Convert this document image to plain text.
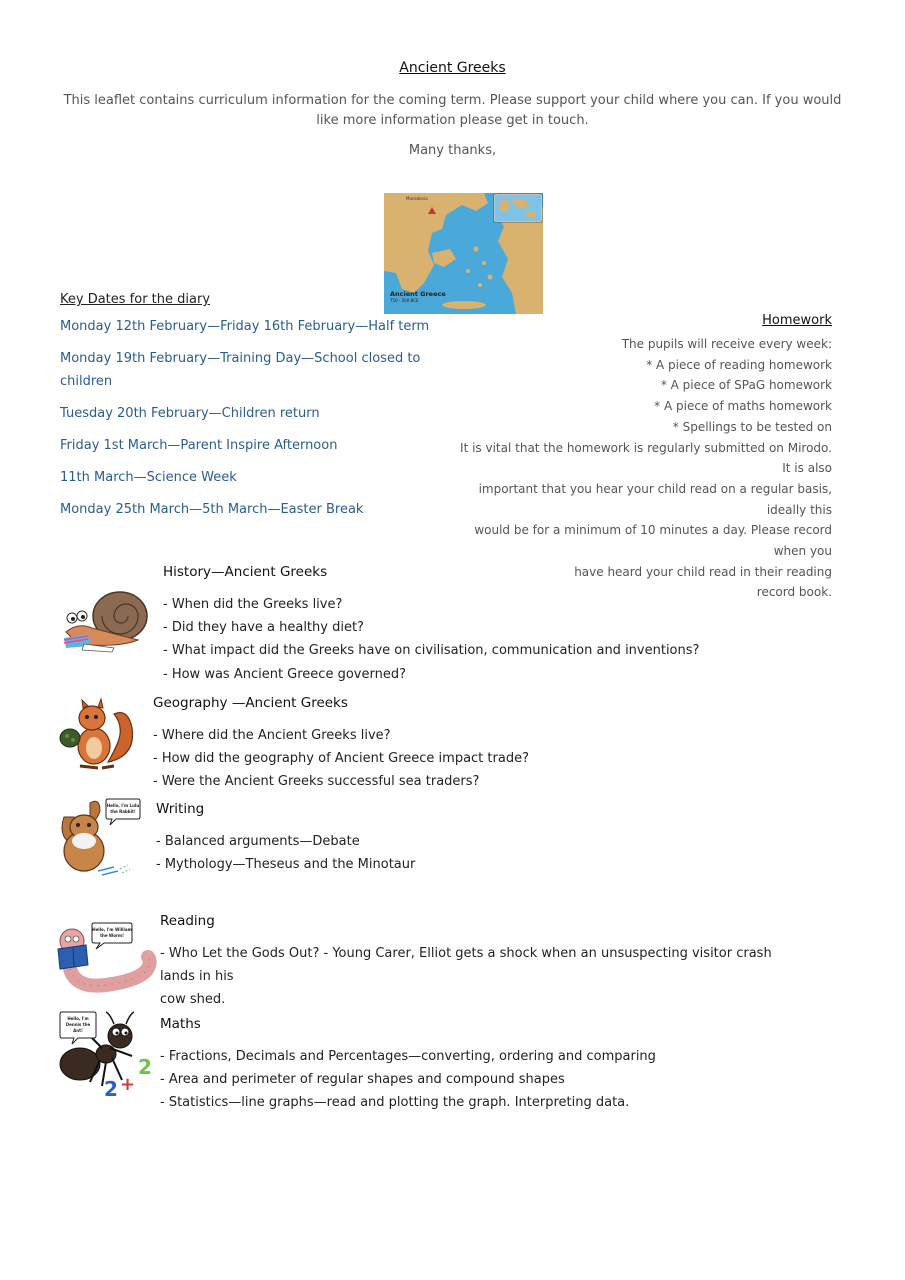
Ancient Greeks
This leaflet contains curriculum information for the coming term. Please support your child where you can. If you would like more information please get in touch.
Many thanks,
Macedonia
Ancient Greece
750 - 500 BCE
Key Dates for the diary
Monday 12th February—Friday 16th February—Half term
Monday 19th February—Training Day—School closed to children
Tuesday 20th February—Children return
Friday 1st March—Parent Inspire Afternoon
11th March—Science Week
Monday 25th March—5th March—Easter Break
Homework
The pupils will receive every week:
* A piece of reading homework
* A piece of SPaG homework
* A piece of maths homework
* Spellings to be tested on
It is vital that the homework is regularly submitted on Mirodo. It is also
important that you hear your child read on a regular basis, ideally this
would be for a minimum of 10 minutes a day. Please record when you
have heard your child read in their reading
record book.
History—Ancient Greeks
- When did the Greeks live?
- Did they have a healthy diet?
- What impact did the Greeks have on civilisation, communication and inventions?
- How was Ancient Greece governed?
Geography —Ancient Greeks
- Where did the Ancient Greeks live?
- How did the geography of Ancient Greece impact trade?
- Were the Ancient Greeks successful sea traders?
Hello, I'm Lulu
the Rabbit! Writing
- Balanced arguments—Debate
- Mythology—Theseus and the Minotaur
Hello, I'm William
the Worm!
Reading
- Who Let the Gods Out? - Young Carer, Elliot gets a shock when an unsuspecting visitor crash lands in his
cow shed.
2 +
2
Hello, I'm
Dennis the
Ant!	Maths
- Fractions, Decimals and Percentages—converting, ordering and comparing
- Area and perimeter of regular shapes and compound shapes
- Statistics—line graphs—read and plotting the graph. Interpreting data.
